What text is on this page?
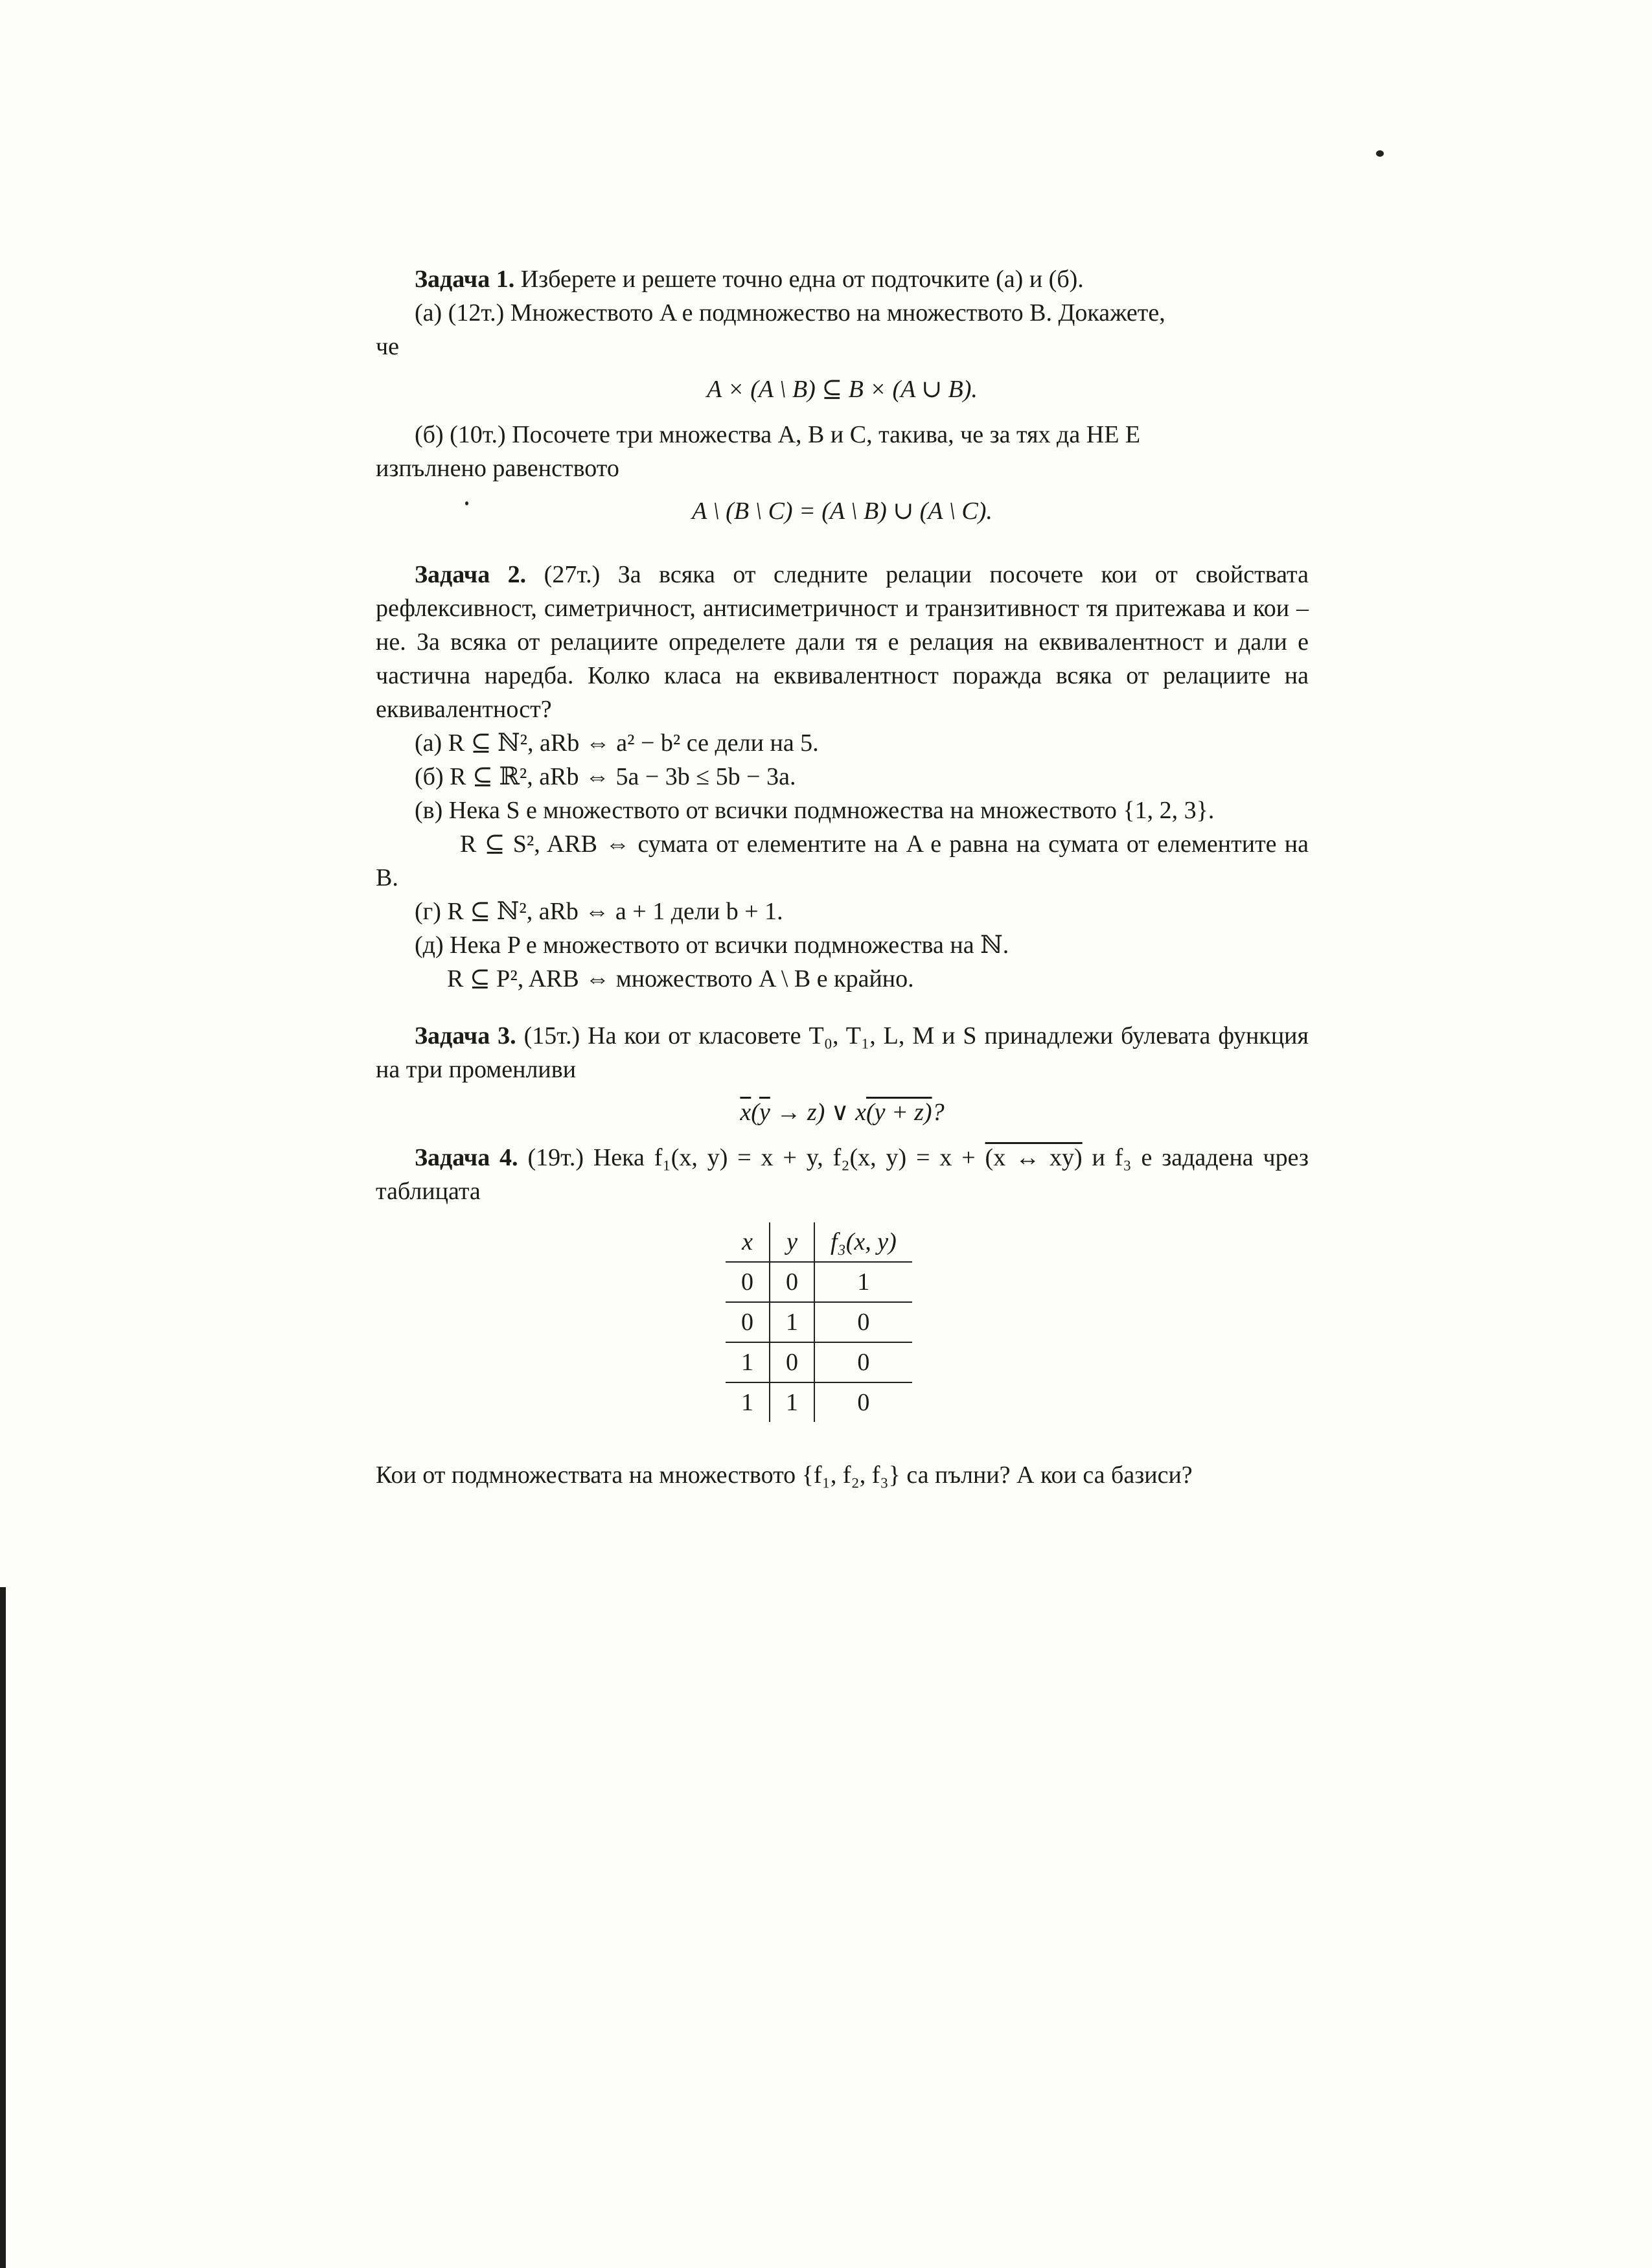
Задача 1. Изберете и решете точно една от подточките (а) и (б).

(а) (12т.) Множеството A е подмножество на множеството B. Докажете,

че

A × (A \ B) ⊆ B × (A ∪ B).

(б) (10т.) Посочете три множества A, B и C, такива, че за тях да НЕ Е

изпълнено равенството

A \ (B \ C) = (A \ B) ∪ (A \ C).

Задача 2. (27т.) За всяка от следните релации посочете кои от свойствата рефлексивност, симетричност, антисиметричност и транзитивност тя притежава и кои – не. За всяка от релациите определете дали тя е релация на еквивалентност и дали е частична наредба. Колко класа на еквивалентност поражда всяка от релациите на еквивалентност?

(а) R ⊆ ℕ², aRb ⇔ a² − b² се дели на 5.

(б) R ⊆ ℝ², aRb ⇔ 5a − 3b ≤ 5b − 3a.

(в) Нека S е множеството от всички подмножества на множеството {1, 2, 3}.

R ⊆ S², ARB ⇔ сумата от елементите на A е равна на сумата от елементите на B.

(г) R ⊆ ℕ², aRb ⇔ a + 1 дели b + 1.

(д) Нека P е множеството от всички подмножества на ℕ.

R ⊆ P², ARB ⇔ множеството A \ B е крайно.

Задача 3. (15т.) На кои от класовете T₀, T₁, L, M и S принадлежи булевата функция на три променливи

$\overline{x}(\overline{y} \to z)$ ∨ x(y + z)?

Задача 4. (19т.) Нека f₁(x, y) = x + y, f₂(x, y) = x + (x ↔ xy) и f₃ е зададена чрез таблицата

x	y	f₃(x, y)
0	0	1
0	1	0
1	0	0
1	1	0

Кои от подмножествата на множеството {f₁, f₂, f₃} са пълни? А кои са базиси?
